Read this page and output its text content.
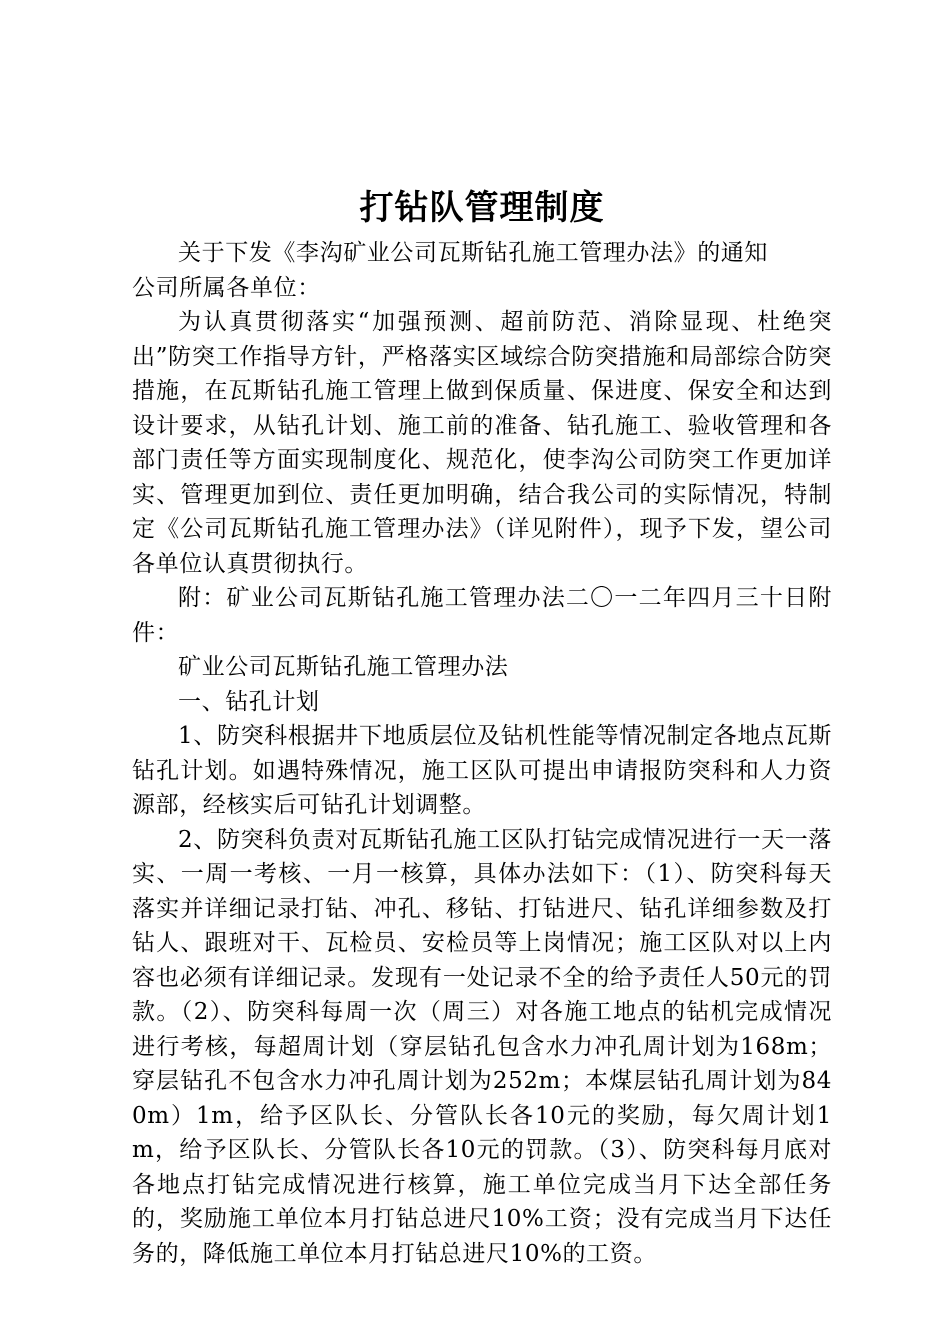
打钻队管理制度

关于下发《李沟矿业公司瓦斯钻孔施工管理办法》的通知

公司所属各单位：

为认真贯彻落实“加强预测、超前防范、消除显现、杜绝突出”防突工作指导方针，严格落实区域综合防突措施和局部综合防突措施，在瓦斯钻孔施工管理上做到保质量、保进度、保安全和达到设计要求，从钻孔计划、施工前的准备、钻孔施工、验收管理和各部门责任等方面实现制度化、规范化，使李沟公司防突工作更加详实、管理更加到位、责任更加明确，结合我公司的实际情况，特制定《公司瓦斯钻孔施工管理办法》（详见附件），现予下发，望公司各单位认真贯彻执行。

附：矿业公司瓦斯钻孔施工管理办法二〇一二年四月三十日附件：

矿业公司瓦斯钻孔施工管理办法

一、钻孔计划

1、防突科根据井下地质层位及钻机性能等情况制定各地点瓦斯钻孔计划。如遇特殊情况，施工区队可提出申请报防突科和人力资源部，经核实后可钻孔计划调整。

2、防突科负责对瓦斯钻孔施工区队打钻完成情况进行一天一落实、一周一考核、一月一核算，具体办法如下：（1）、防突科每天落实并详细记录打钻、冲孔、移钻、打钻进尺、钻孔详细参数及打钻人、跟班对干、瓦检员、安检员等上岗情况；施工区队对以上内容也必须有详细记录。发现有一处记录不全的给予责任人50元的罚款。（2）、防突科每周一次（周三）对各施工地点的钻机完成情况进行考核，每超周计划（穿层钻孔包含水力冲孔周计划为168m；穿层钻孔不包含水力冲孔周计划为252m；本煤层钻孔周计划为840m）1m，给予区队长、分管队长各10元的奖励，每欠周计划1m，给予区队长、分管队长各10元的罚款。（3）、防突科每月底对各地点打钻完成情况进行核算，施工单位完成当月下达全部任务的，奖励施工单位本月打钻总进尺10%工资；没有完成当月下达任务的，降低施工单位本月打钻总进尺10%的工资。
